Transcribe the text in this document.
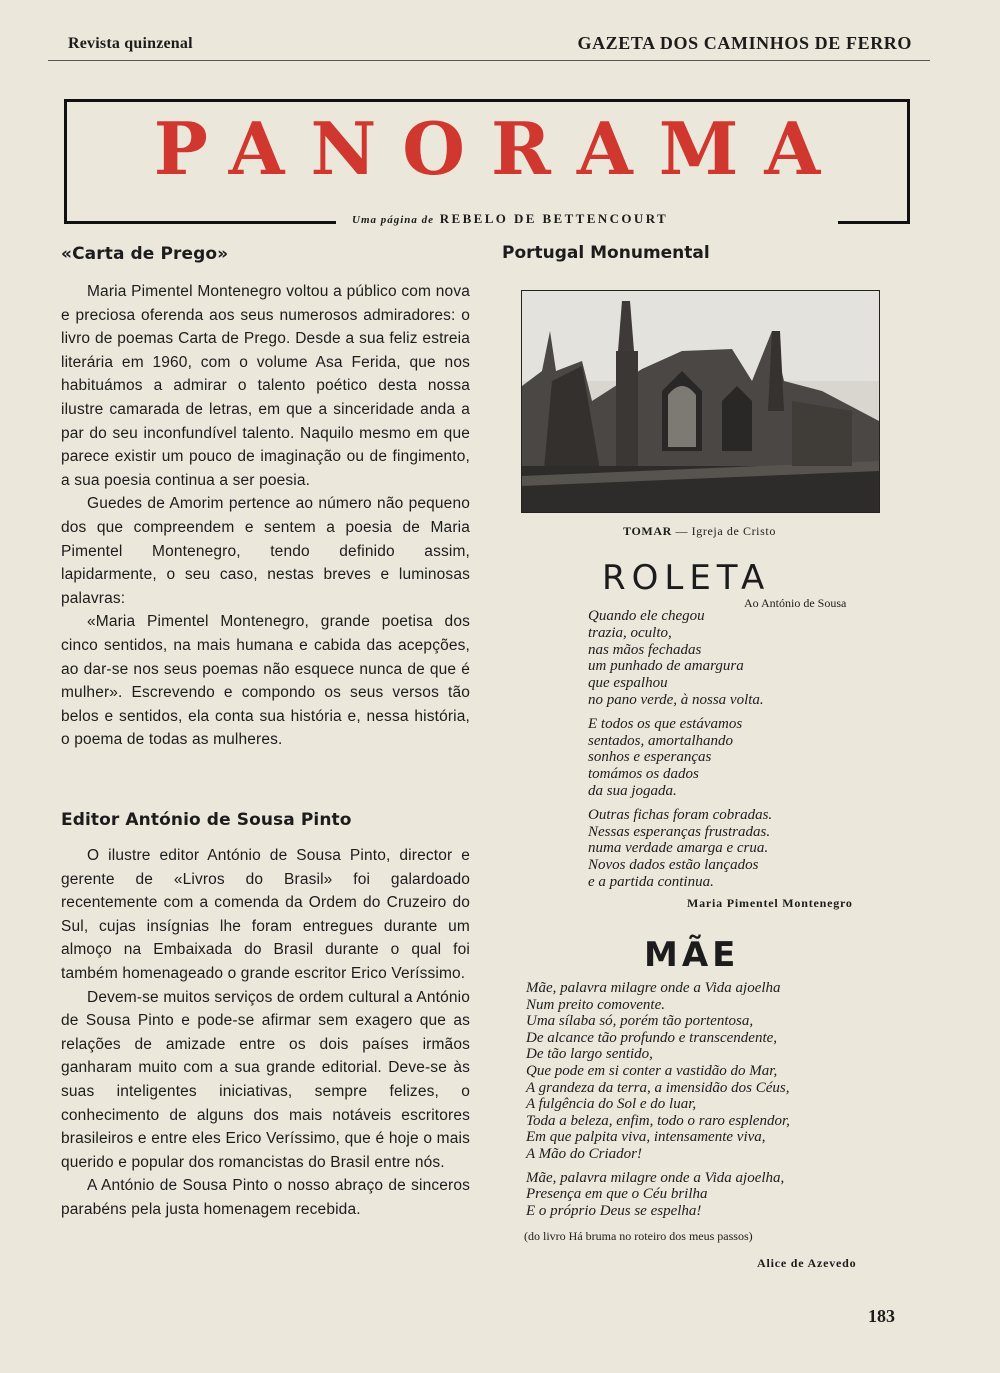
Revista quinzenal	GAZETA DOS CAMINHOS DE FERRO
PANORAMA
Uma página de REBELO DE BETTENCOURT
«Carta de Prego»

Maria Pimentel Montenegro voltou a público com nova e preciosa oferenda aos seus numerosos admiradores: o livro de poemas Carta de Prego. Desde a sua feliz estreia literária em 1960, com o volume Asa Ferida, que nos habituámos a admirar o talento poético desta nossa ilustre camarada de letras, em que a sinceridade anda a par do seu inconfundível talento. Naquilo mesmo em que parece existir um pouco de imaginação ou de fingimento, a sua poesia continua a ser poesia.

Guedes de Amorim pertence ao número não pequeno dos que compreendem e sentem a poesia de Maria Pimentel Montenegro, tendo definido assim, lapidarmente, o seu caso, nestas breves e luminosas palavras:

«Maria Pimentel Montenegro, grande poetisa dos cinco sentidos, na mais humana e cabida das acepções, ao dar-se nos seus poemas não esquece nunca de que é mulher». Escrevendo e compondo os seus versos tão belos e sentidos, ela conta sua história e, nessa história, o poema de todas as mulheres.

Editor António de Sousa Pinto

O ilustre editor António de Sousa Pinto, director e gerente de «Livros do Brasil» foi galardoado recentemente com a comenda da Ordem do Cruzeiro do Sul, cujas insígnias lhe foram entregues durante um almoço na Embaixada do Brasil durante o qual foi também homenageado o grande escritor Erico Veríssimo.

Devem-se muitos serviços de ordem cultural a António de Sousa Pinto e pode-se afirmar sem exagero que as relações de amizade entre os dois países irmãos ganharam muito com a sua grande editorial. Deve-se às suas inteligentes iniciativas, sempre felizes, o conhecimento de alguns dos mais notáveis escritores brasileiros e entre eles Erico Veríssimo, que é hoje o mais querido e popular dos romancistas do Brasil entre nós.

A António de Sousa Pinto o nosso abraço de sinceros parabéns pela justa homenagem recebida.

Portugal Monumental
TOMAR — Igreja de Cristo
ROLETA
Ao António de Sousa
Quando ele chegou
trazia, oculto,
nas mãos fechadas
um punhado de amargura
que espalhou
no pano verde, à nossa volta.
E todos os que estávamos
sentados, amortalhando
sonhos e esperanças
tomámos os dados
da sua jogada.
Outras fichas foram cobradas.
Nessas esperanças frustradas.
numa verdade amarga e crua.
Novos dados estão lançados
e a partida continua.
Maria Pimentel Montenegro
MÃE
Mãe, palavra milagre onde a Vida ajoelha
Num preito comovente.
Uma sílaba só, porém tão portentosa,
De alcance tão profundo e transcendente,
De tão largo sentido,
Que pode em si conter a vastidão do Mar,
A grandeza da terra, a imensidão dos Céus,
A fulgência do Sol e do luar,
Toda a beleza, enfim, todo o raro esplendor,
Em que palpita viva, intensamente viva,
A Mão do Criador!
Mãe, palavra milagre onde a Vida ajoelha,
Presença em que o Céu brilha
E o próprio Deus se espelha!
(do livro Há bruma no roteiro dos meus passos)
Alice de Azevedo
183
